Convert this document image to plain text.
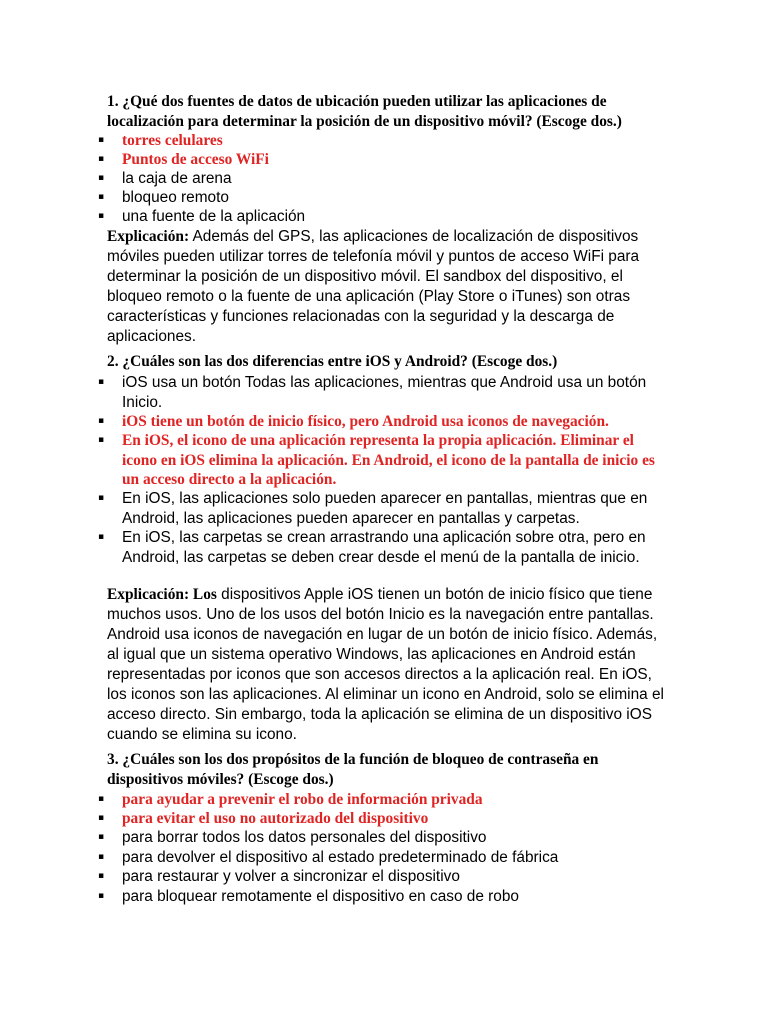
1. ¿Qué dos fuentes de datos de ubicación pueden utilizar las aplicaciones de localización para determinar la posición de un dispositivo móvil? (Escoge dos.)
▪ torres celulares
▪ Puntos de acceso WiFi
▪ la caja de arena
▪ bloqueo remoto
▪ una fuente de la aplicación
Explicación: Además del GPS, las aplicaciones de localización de dispositivos móviles pueden utilizar torres de telefonía móvil y puntos de acceso WiFi para determinar la posición de un dispositivo móvil. El sandbox del dispositivo, el bloqueo remoto o la fuente de una aplicación (Play Store o iTunes) son otras características y funciones relacionadas con la seguridad y la descarga de aplicaciones.
2. ¿Cuáles son las dos diferencias entre iOS y Android? (Escoge dos.)
▪ iOS usa un botón Todas las aplicaciones, mientras que Android usa un botón Inicio.
▪ iOS tiene un botón de inicio físico, pero Android usa iconos de navegación.
▪ En iOS, el icono de una aplicación representa la propia aplicación. Eliminar el icono en iOS elimina la aplicación. En Android, el icono de la pantalla de inicio es un acceso directo a la aplicación.
▪ En iOS, las aplicaciones solo pueden aparecer en pantallas, mientras que en Android, las aplicaciones pueden aparecer en pantallas y carpetas.
▪ En iOS, las carpetas se crean arrastrando una aplicación sobre otra, pero en Android, las carpetas se deben crear desde el menú de la pantalla de inicio.
Explicación: Los dispositivos Apple iOS tienen un botón de inicio físico que tiene muchos usos. Uno de los usos del botón Inicio es la navegación entre pantallas. Android usa iconos de navegación en lugar de un botón de inicio físico. Además, al igual que un sistema operativo Windows, las aplicaciones en Android están representadas por iconos que son accesos directos a la aplicación real. En iOS, los iconos son las aplicaciones. Al eliminar un icono en Android, solo se elimina el acceso directo. Sin embargo, toda la aplicación se elimina de un dispositivo iOS cuando se elimina su icono.
3. ¿Cuáles son los dos propósitos de la función de bloqueo de contraseña en dispositivos móviles? (Escoge dos.)
▪ para ayudar a prevenir el robo de información privada
▪ para evitar el uso no autorizado del dispositivo
▪ para borrar todos los datos personales del dispositivo
▪ para devolver el dispositivo al estado predeterminado de fábrica
▪ para restaurar y volver a sincronizar el dispositivo
▪ para bloquear remotamente el dispositivo en caso de robo
